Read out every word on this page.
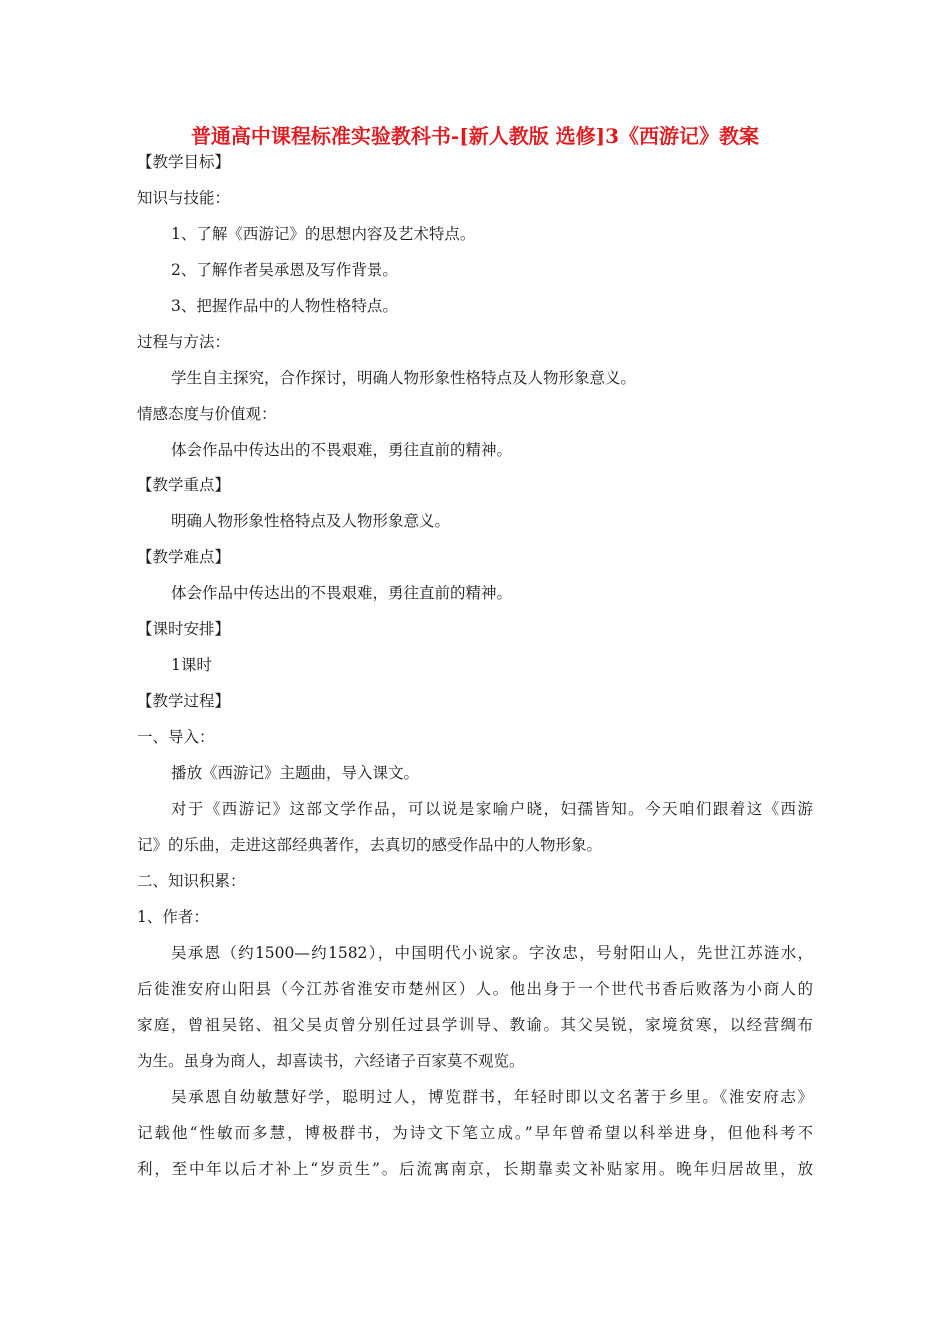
普通高中课程标准实验教科书-[新人教版 选修]3《西游记》教案
【教学目标】
知识与技能：
1、了解《西游记》的思想内容及艺术特点。
2、了解作者吴承恩及写作背景。
3、把握作品中的人物性格特点。
过程与方法：
学生自主探究，合作探讨，明确人物形象性格特点及人物形象意义。
情感态度与价值观：
体会作品中传达出的不畏艰难，勇往直前的精神。
【教学重点】
明确人物形象性格特点及人物形象意义。
【教学难点】
体会作品中传达出的不畏艰难，勇往直前的精神。
【课时安排】
1课时
【教学过程】
一、导入：
播放《西游记》主题曲，导入课文。
对于《西游记》这部文学作品，可以说是家喻户晓，妇孺皆知。今天咱们跟着这《西游
记》的乐曲，走进这部经典著作，去真切的感受作品中的人物形象。
二、知识积累：
1、作者：
吴承恩（约1500—约1582），中国明代小说家。字汝忠，号射阳山人，先世江苏涟水，
后徙淮安府山阳县（今江苏省淮安市楚州区）人。他出身于一个世代书香后败落为小商人的
家庭，曾祖吴铭、祖父吴贞曾分别任过县学训导、教谕。其父吴锐，家境贫寒，以经营绸布
为生。虽身为商人，却喜读书，六经诸子百家莫不观览。
吴承恩自幼敏慧好学，聪明过人，博览群书，年轻时即以文名著于乡里。《淮安府志》
记载他“性敏而多慧，博极群书，为诗文下笔立成。”早年曾希望以科举进身，但他科考不
利，至中年以后才补上“岁贡生”。后流寓南京，长期靠卖文补贴家用。晚年归居故里，放
